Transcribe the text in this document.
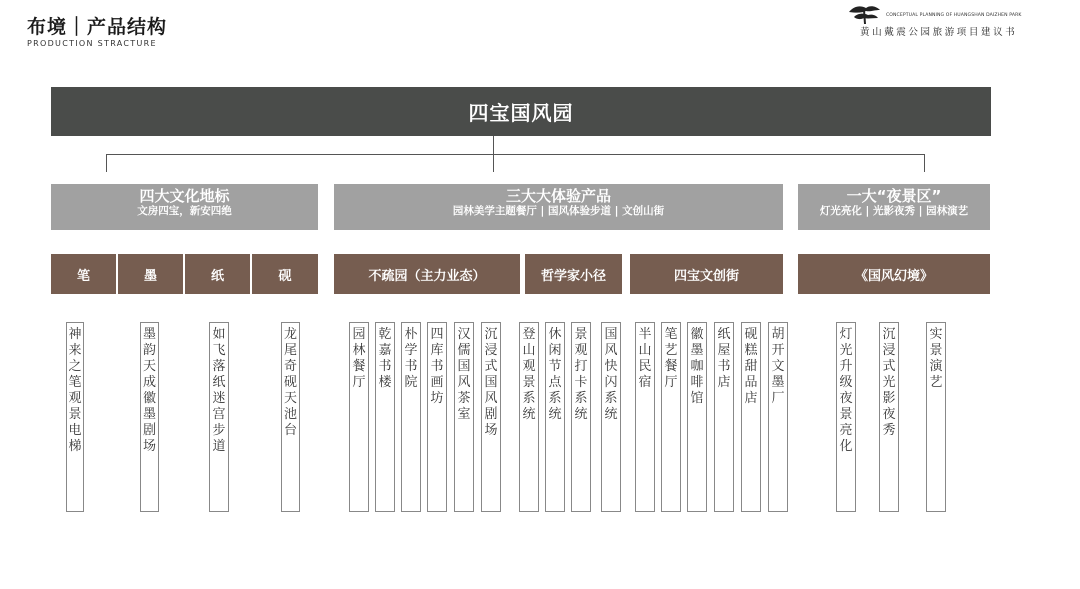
布境｜产品结构
PRODUCTION STRACTURE
CONCEPTUAL PLANNING OF HUANGSHAN DAIZHEN PARK
黄山戴震公园旅游项目建议书
四宝国风园
四大文化地标
文房四宝，新安四绝
三大大体验产品
园林美学主题餐厅 | 国风体验步道 | 文创山街
一大“夜景区”
灯光亮化 | 光影夜秀 | 园林演艺
笔	墨	纸	砚	不疏园（主力业态）	哲学家小径	四宝文创街	《国风幻境》
神来之笔　观景电梯
墨韵天成　徽墨剧场
如飞落纸　迷宫步道
龙尾奇砚　天池台
园林餐厅
乾嘉书楼
朴学书院
四库书画坊
汉儒国风茶室
沉浸式国风剧场
登山观景系统
休闲节点系统
景观打卡系统
国风快闪系统
半山民宿
笔艺餐厅
徽墨咖啡馆
纸屋书店
砚糕甜品店
胡开文墨厂
灯光升级夜景亮化
沉浸式光影夜秀
实景演艺
